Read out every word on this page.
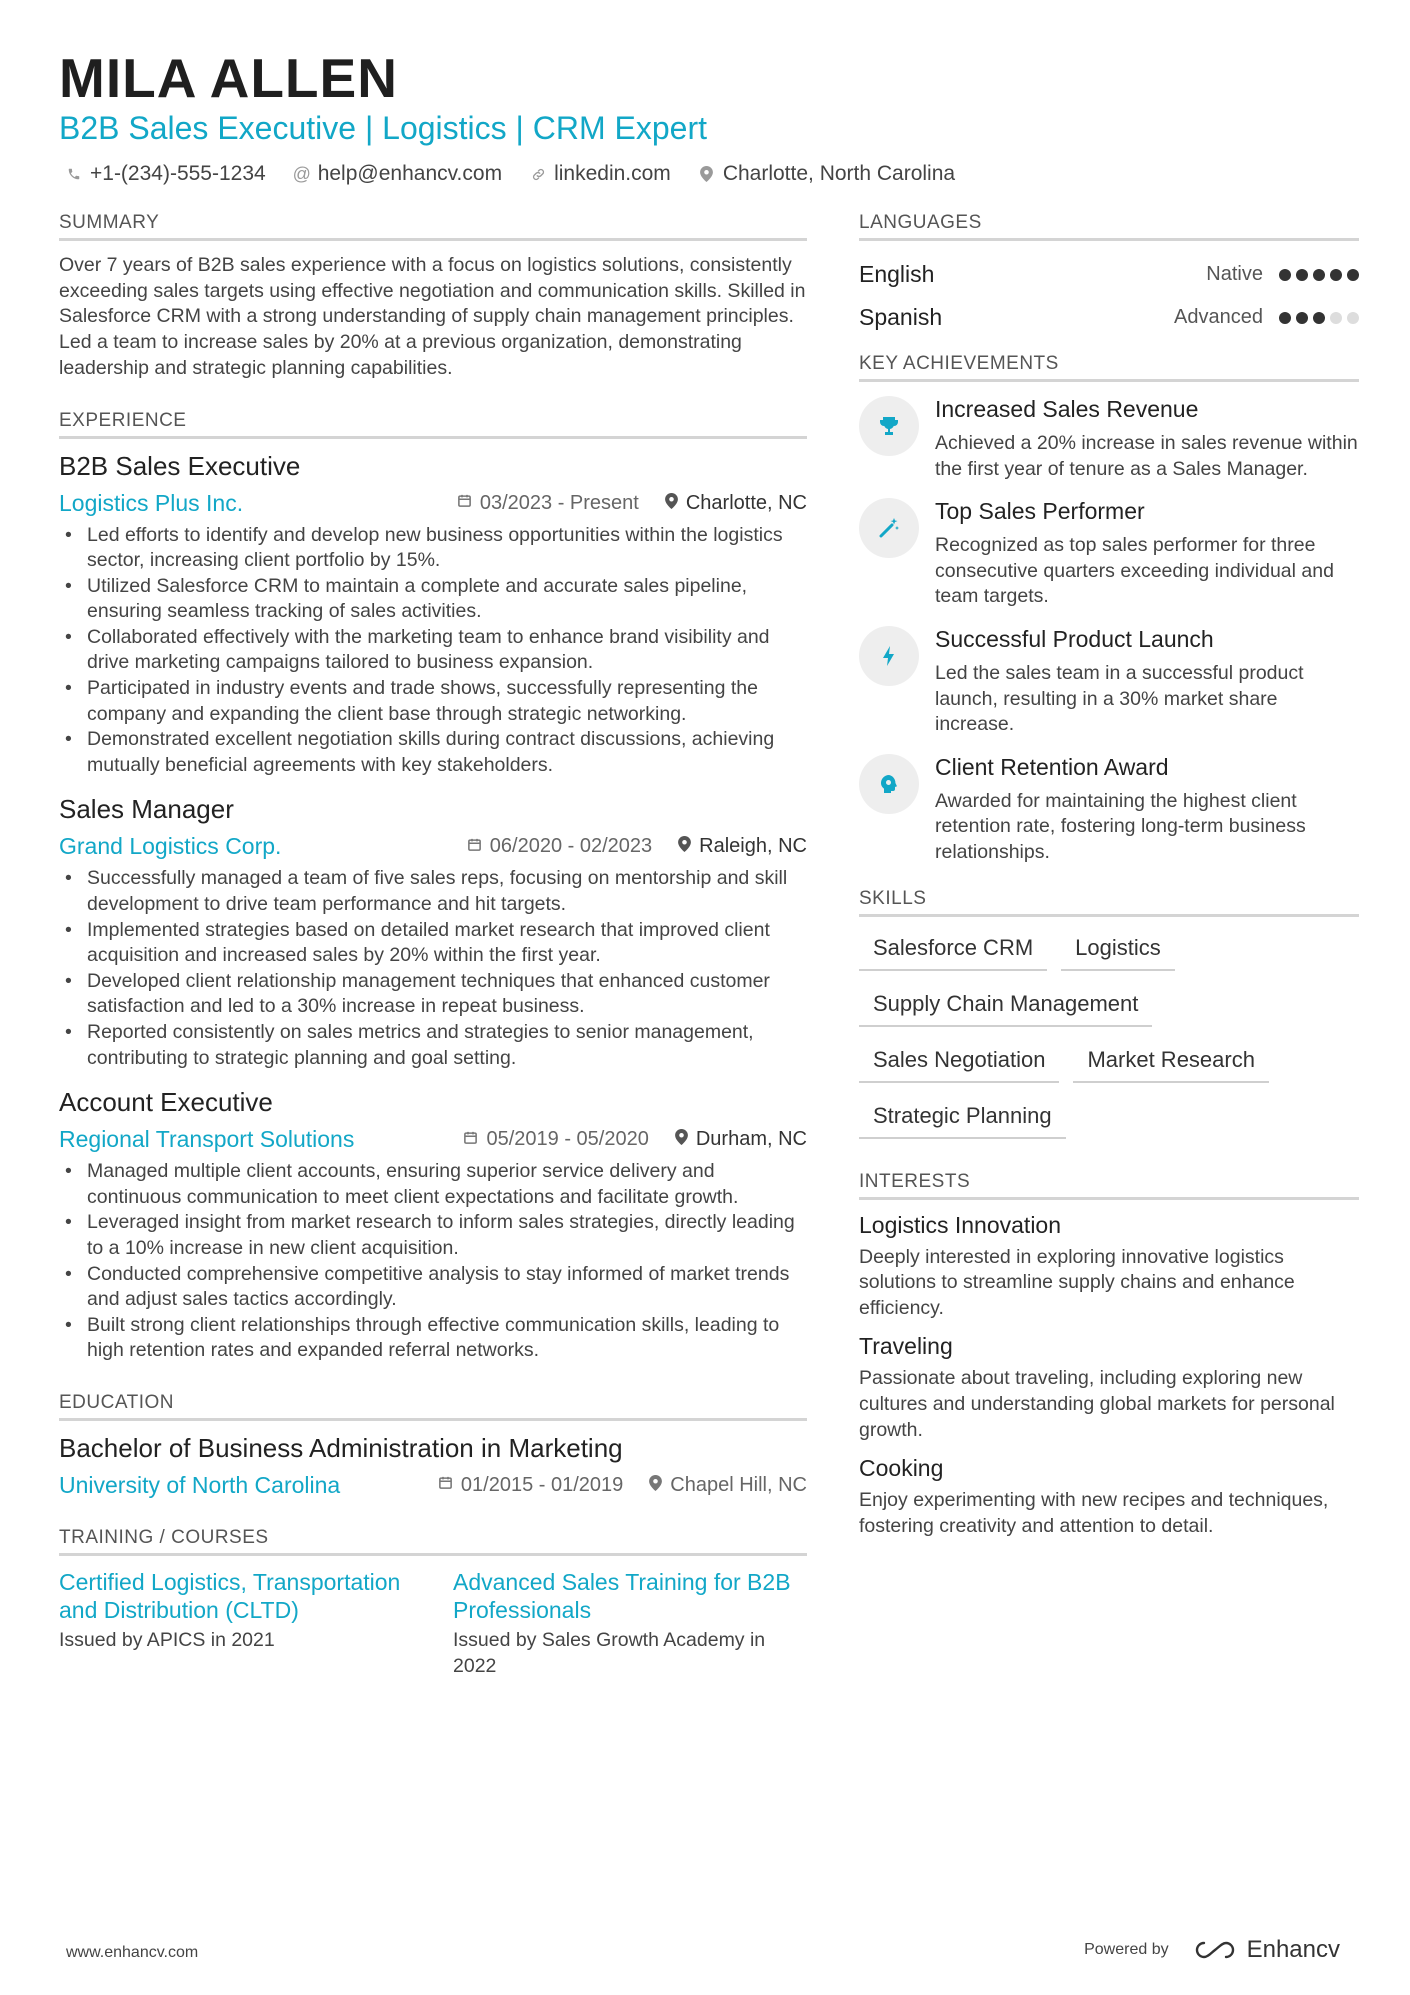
MILA ALLEN
B2B Sales Executive | Logistics | CRM Expert
+1-(234)-555-1234 @ help@enhancv.com linkedin.com Charlotte, North Carolina
SUMMARY
Over 7 years of B2B sales experience with a focus on logistics solutions, consistently exceeding sales targets using effective negotiation and communication skills. Skilled in Salesforce CRM with a strong understanding of supply chain management principles. Led a team to increase sales by 20% at a previous organization, demonstrating leadership and strategic planning capabilities.
EXPERIENCE
B2B Sales Executive
Logistics Plus Inc.	03/2023 - Present Charlotte, NC
• Led efforts to identify and develop new business opportunities within the logistics sector, increasing client portfolio by 15%.
• Utilized Salesforce CRM to maintain a complete and accurate sales pipeline, ensuring seamless tracking of sales activities.
• Collaborated effectively with the marketing team to enhance brand visibility and drive marketing campaigns tailored to business expansion.
• Participated in industry events and trade shows, successfully representing the company and expanding the client base through strategic networking.
• Demonstrated excellent negotiation skills during contract discussions, achieving mutually beneficial agreements with key stakeholders.
Sales Manager
Grand Logistics Corp.	06/2020 - 02/2023 Raleigh, NC
• Successfully managed a team of five sales reps, focusing on mentorship and skill development to drive team performance and hit targets.
• Implemented strategies based on detailed market research that improved client acquisition and increased sales by 20% within the first year.
• Developed client relationship management techniques that enhanced customer satisfaction and led to a 30% increase in repeat business.
• Reported consistently on sales metrics and strategies to senior management, contributing to strategic planning and goal setting.
Account Executive
Regional Transport Solutions	05/2019 - 05/2020 Durham, NC
• Managed multiple client accounts, ensuring superior service delivery and continuous communication to meet client expectations and facilitate growth.
• Leveraged insight from market research to inform sales strategies, directly leading to a 10% increase in new client acquisition.
• Conducted comprehensive competitive analysis to stay informed of market trends and adjust sales tactics accordingly.
• Built strong client relationships through effective communication skills, leading to high retention rates and expanded referral networks.
EDUCATION
Bachelor of Business Administration in Marketing
University of North Carolina	01/2015 - 01/2019 Chapel Hill, NC
TRAINING / COURSES
Certified Logistics, Transportation and Distribution (CLTD)
Issued by APICS in 2021
Advanced Sales Training for B2B Professionals
Issued by Sales Growth Academy in 2022
LANGUAGES
English	Native
Spanish	Advanced
KEY ACHIEVEMENTS
Increased Sales Revenue
Achieved a 20% increase in sales revenue within the first year of tenure as a Sales Manager.
Top Sales Performer
Recognized as top sales performer for three consecutive quarters exceeding individual and team targets.
Successful Product Launch
Led the sales team in a successful product launch, resulting in a 30% market share increase.
Client Retention Award
Awarded for maintaining the highest client retention rate, fostering long-term business relationships.
SKILLS
Salesforce CRM	Logistics
Supply Chain Management
Sales Negotiation	Market Research
Strategic Planning
INTERESTS
Logistics Innovation
Deeply interested in exploring innovative logistics solutions to streamline supply chains and enhance efficiency.
Traveling
Passionate about traveling, including exploring new cultures and understanding global markets for personal growth.
Cooking
Enjoy experimenting with new recipes and techniques, fostering creativity and attention to detail.
www.enhancv.com	Powered by	Enhancv
